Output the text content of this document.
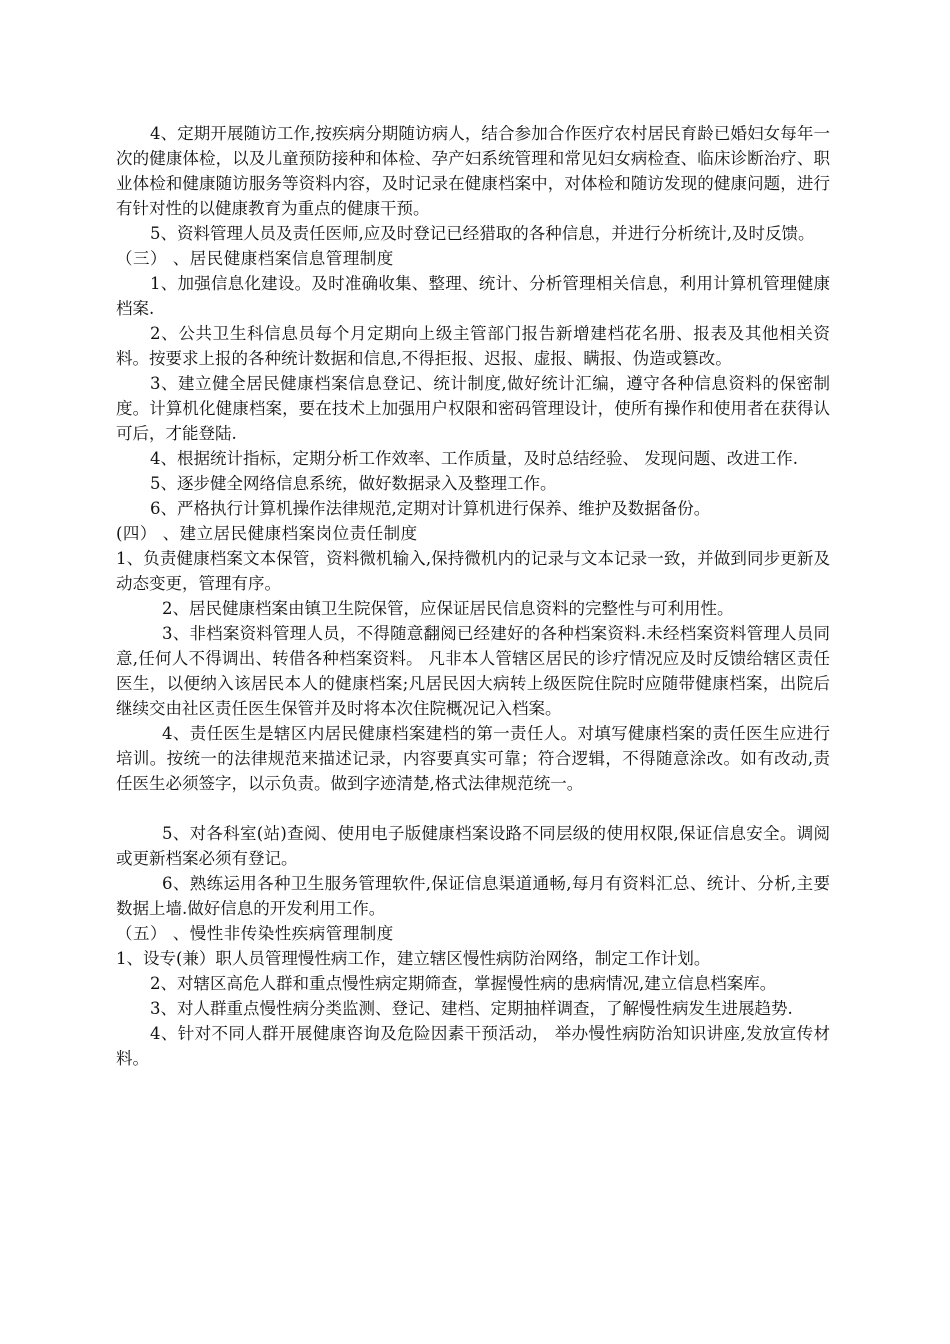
4、定期开展随访工作,按疾病分期随访病人，结合参加合作医疗农村居民育龄已婚妇女每年一次的健康体检，以及儿童预防接种和体检、孕产妇系统管理和常见妇女病检查、临床诊断治疗、职业体检和健康随访服务等资料内容，及时记录在健康档案中，对体检和随访发现的健康问题，进行有针对性的以健康教育为重点的健康干预。

5、资料管理人员及责任医师,应及时登记已经猎取的各种信息，并进行分析统计,及时反馈。

（三） 、居民健康档案信息管理制度

1、加强信息化建设。及时准确收集、整理、统计、分析管理相关信息，利用计算机管理健康档案.

2、公共卫生科信息员每个月定期向上级主管部门报告新增建档花名册、报表及其他相关资料。按要求上报的各种统计数据和信息,不得拒报、迟报、虚报、瞒报、伪造或篡改。

3、建立健全居民健康档案信息登记、统计制度,做好统计汇编，遵守各种信息资料的保密制度。计算机化健康档案，要在技术上加强用户权限和密码管理设计，使所有操作和使用者在获得认可后，才能登陆.

4、根据统计指标，定期分析工作效率、工作质量，及时总结经验、 发现问题、改进工作.

5、逐步健全网络信息系统，做好数据录入及整理工作。

6、严格执行计算机操作法律规范,定期对计算机进行保养、维护及数据备份。

(四） 、建立居民健康档案岗位责任制度

1、负责健康档案文本保管，资料微机输入,保持微机内的记录与文本记录一致，并做到同步更新及动态变更，管理有序。

2、居民健康档案由镇卫生院保管，应保证居民信息资料的完整性与可利用性。

3、非档案资料管理人员，不得随意翻阅已经建好的各种档案资料.未经档案资料管理人员同意,任何人不得调出、转借各种档案资料。 凡非本人管辖区居民的诊疗情况应及时反馈给辖区责任医生，以便纳入该居民本人的健康档案;凡居民因大病转上级医院住院时应随带健康档案，出院后继续交由社区责任医生保管并及时将本次住院概况记入档案。

4、责任医生是辖区内居民健康档案建档的第一责任人。对填写健康档案的责任医生应进行培训。按统一的法律规范来描述记录，内容要真实可靠；符合逻辑，不得随意涂改。如有改动,责任医生必须签字，以示负责。做到字迹清楚,格式法律规范统一。

5、对各科室(站)查阅、使用电子版健康档案设路不同层级的使用权限,保证信息安全。调阅或更新档案必须有登记。

6、熟练运用各种卫生服务管理软件,保证信息渠道通畅,每月有资料汇总、统计、分析,主要数据上墙.做好信息的开发利用工作。

（五） 、慢性非传染性疾病管理制度

1、设专(兼）职人员管理慢性病工作，建立辖区慢性病防治网络，制定工作计划。

2、对辖区高危人群和重点慢性病定期筛查，掌握慢性病的患病情况,建立信息档案库。

3、对人群重点慢性病分类监测、登记、建档、定期抽样调查，了解慢性病发生进展趋势.

4、针对不同人群开展健康咨询及危险因素干预活动， 举办慢性病防治知识讲座,发放宣传材料。
